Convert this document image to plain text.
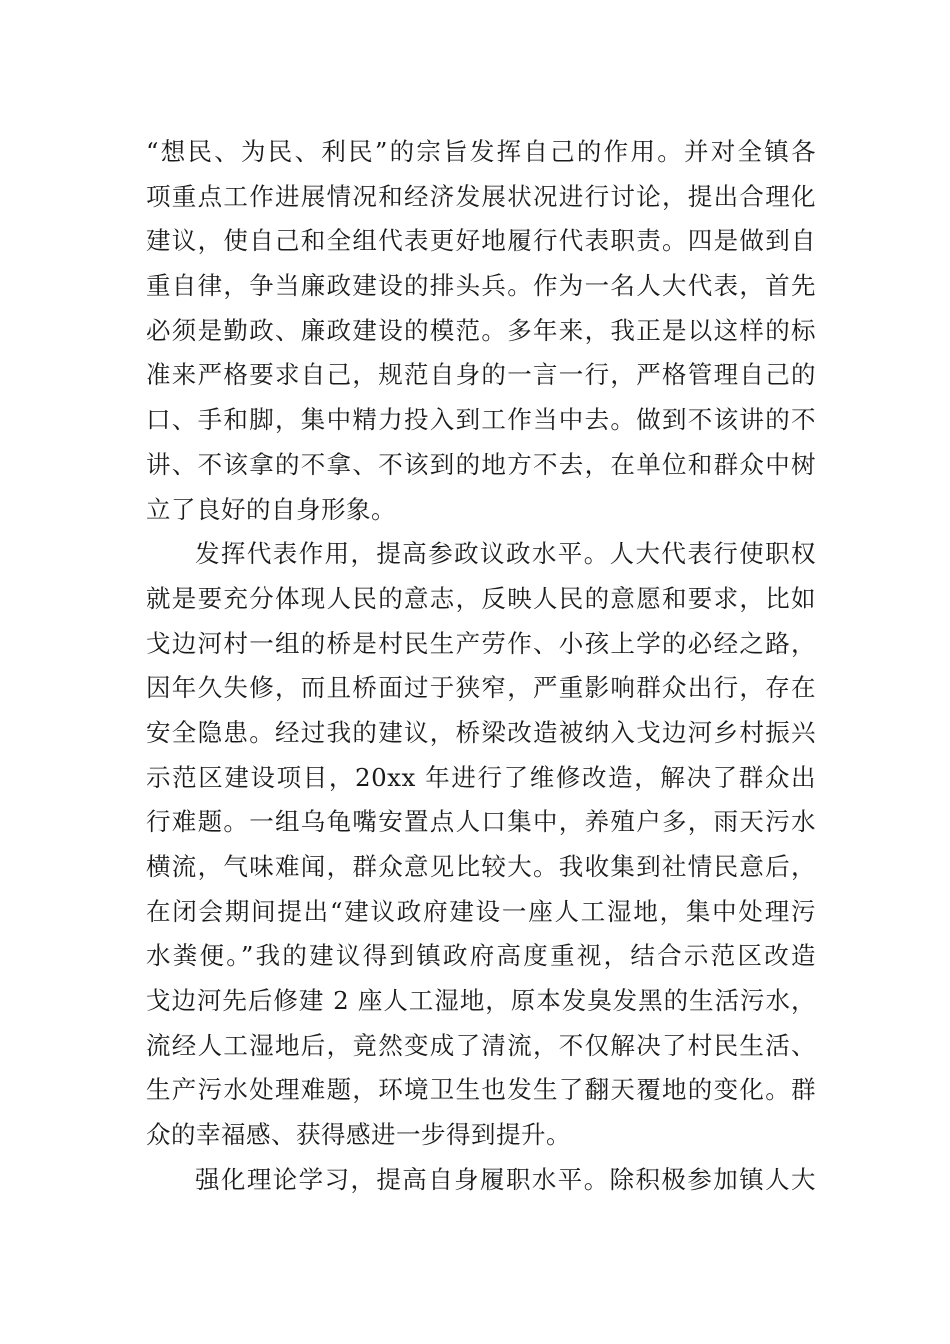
“想民、为民、利民”的宗旨发挥自己的作用。并对全镇各
项重点工作进展情况和经济发展状况进行讨论，提出合理化
建议，使自己和全组代表更好地履行代表职责。四是做到自
重自律，争当廉政建设的排头兵。作为一名人大代表，首先
必须是勤政、廉政建设的模范。多年来，我正是以这样的标
准来严格要求自己，规范自身的一言一行，严格管理自己的
口、手和脚，集中精力投入到工作当中去。做到不该讲的不
讲、不该拿的不拿、不该到的地方不去，在单位和群众中树
立了良好的自身形象。
发挥代表作用，提高参政议政水平。人大代表行使职权
就是要充分体现人民的意志，反映人民的意愿和要求，比如
戈边河村一组的桥是村民生产劳作、小孩上学的必经之路，
因年久失修，而且桥面过于狭窄，严重影响群众出行，存在
安全隐患。经过我的建议，桥梁改造被纳入戈边河乡村振兴
示范区建设项目，20xx 年进行了维修改造，解决了群众出
行难题。一组乌龟嘴安置点人口集中，养殖户多，雨天污水
横流，气味难闻，群众意见比较大。我收集到社情民意后，
在闭会期间提出“建议政府建设一座人工湿地，集中处理污
水粪便。”我的建议得到镇政府高度重视，结合示范区改造
戈边河先后修建 2 座人工湿地，原本发臭发黑的生活污水，
流经人工湿地后，竟然变成了清流，不仅解决了村民生活、
生产污水处理难题，环境卫生也发生了翻天覆地的变化。群
众的幸福感、获得感进一步得到提升。
强化理论学习，提高自身履职水平。除积极参加镇人大
